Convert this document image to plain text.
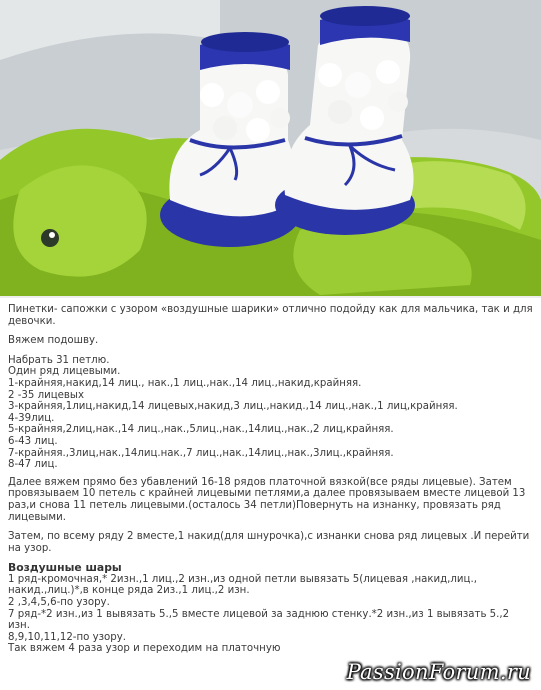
Пинетки- сапожки с узором «воздушные шарики» отлично подойду как для мальчика, так и для девочки.

Вяжем подошву.

Набрать 31 петлю.

Один ряд лицевыми.

1-крайняя,накид,14 лиц., нак.,1 лиц.,нак.,14 лиц.,накид,крайняя.

2 -35 лицевых

3-крайняя,1лиц,накид,14 лицевых,накид,3 лиц.,накид.,14 лиц.,нак.,1 лиц,крайняя.

4-39лиц.

5-крайняя,2лиц,нак.,14 лиц.,нак.,5лиц.,нак.,14лиц.,нак.,2 лиц,крайняя.

6-43 лиц.

7-крайняя.,3лиц,нак.,14лиц.нак.,7 лиц.,нак.,14лиц.,нак.,3лиц.,крайняя.

8-47 лиц.

Далее вяжем прямо без убавлений 16-18 рядов платочной вязкой(все ряды лицевые). Затем провязываем 10 петель с крайней лицевыми петлями,а далее провязываем вместе лицевой 13 раз,и снова 11 петель лицевыми.(осталось 34 петли)Повернуть на изнанку, провязать ряд лицевыми.

Затем, по всему ряду 2 вместе,1 накид(для шнурочка),с изнанки снова ряд лицевых .И перейти на узор.

Воздушные шары

1 ряд-кромочная,* 2изн.,1 лиц.,2 изн.,из одной петли вывязать 5(лицевая ,накид,лиц., накид.,лиц.)*,в конце ряда 2из.,1 лиц.,2 изн.

2 ,3,4,5,6-по узору.

7 ряд-*2 изн.,из 1 вывязать 5.,5 вместе лицевой за заднюю стенку.*2 изн.,из 1 вывязать 5.,2 изн.

8,9,10,11,12-по узору.

Так вяжем 4 раза узор и переходим на платочную

PassionForum.ru
